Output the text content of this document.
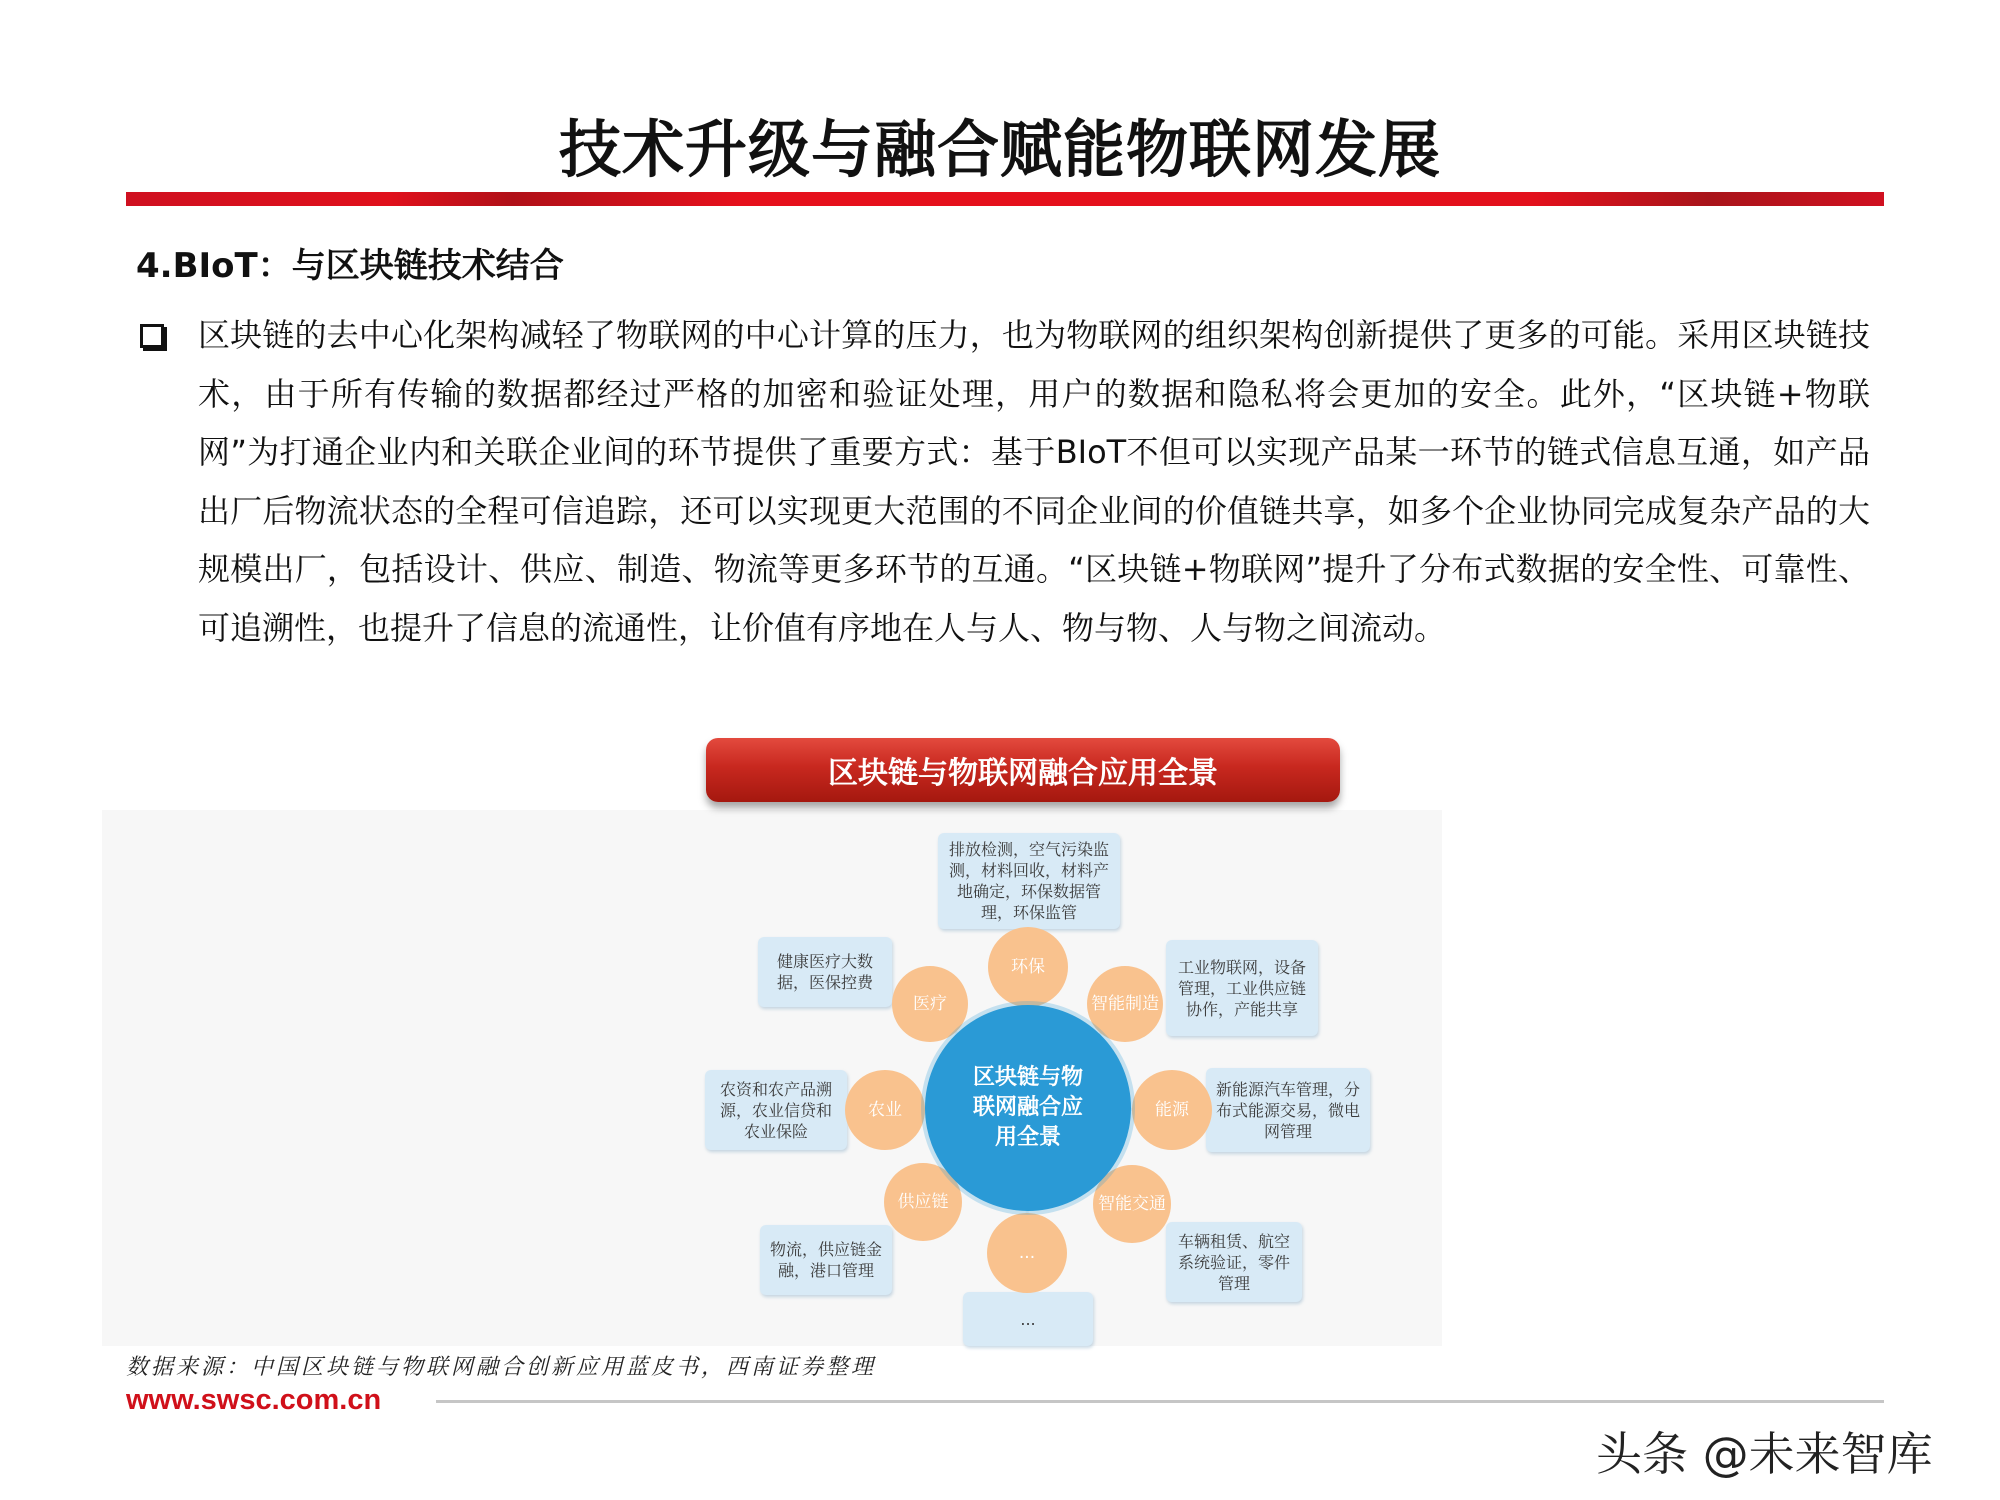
技术升级与融合赋能物联网发展
4.BIoT：与区块链技术结合

区块链的去中心化架构减轻了物联网的中心计算的压力，也为物联网的组织架构创新提供了更多的可能。采用区块链技术，由于所有传输的数据都经过严格的加密和验证处理，用户的数据和隐私将会更加的安全。此外，“区块链+物联网”为打通企业内和关联企业间的环节提供了重要方式：基于BIoT不但可以实现产品某一环节的链式信息互通，如产品出厂后物流状态的全程可信追踪，还可以实现更大范围的不同企业间的价值链共享，如多个企业协同完成复杂产品的大规模出厂，包括设计、供应、制造、物流等更多环节的互通。“区块链+物联网”提升了分布式数据的安全性、可靠性、可追溯性，也提升了信息的流通性，让价值有序地在人与人、物与物、人与物之间流动。

区块链与物联网融合应用全景
排放检测，空气污染监测，材料回收，材料产地确定，环保数据管理，环保监管
工业物联网，设备管理，工业供应链协作，产能共享
新能源汽车管理，分布式能源交易，微电网管理
车辆租赁、航空系统验证，零件管理
...
物流，供应链金融，港口管理
农资和农产品溯源，农业信贷和农业保险
健康医疗大数据，医保控费
环保
智能制造
能源
智能交通
...
供应链
农业
医疗
区块链与物联网融合应用全景
数据来源：中国区块链与物联网融合创新应用蓝皮书，西南证券整理
www.swsc.com.cn
头条 @未来智库
